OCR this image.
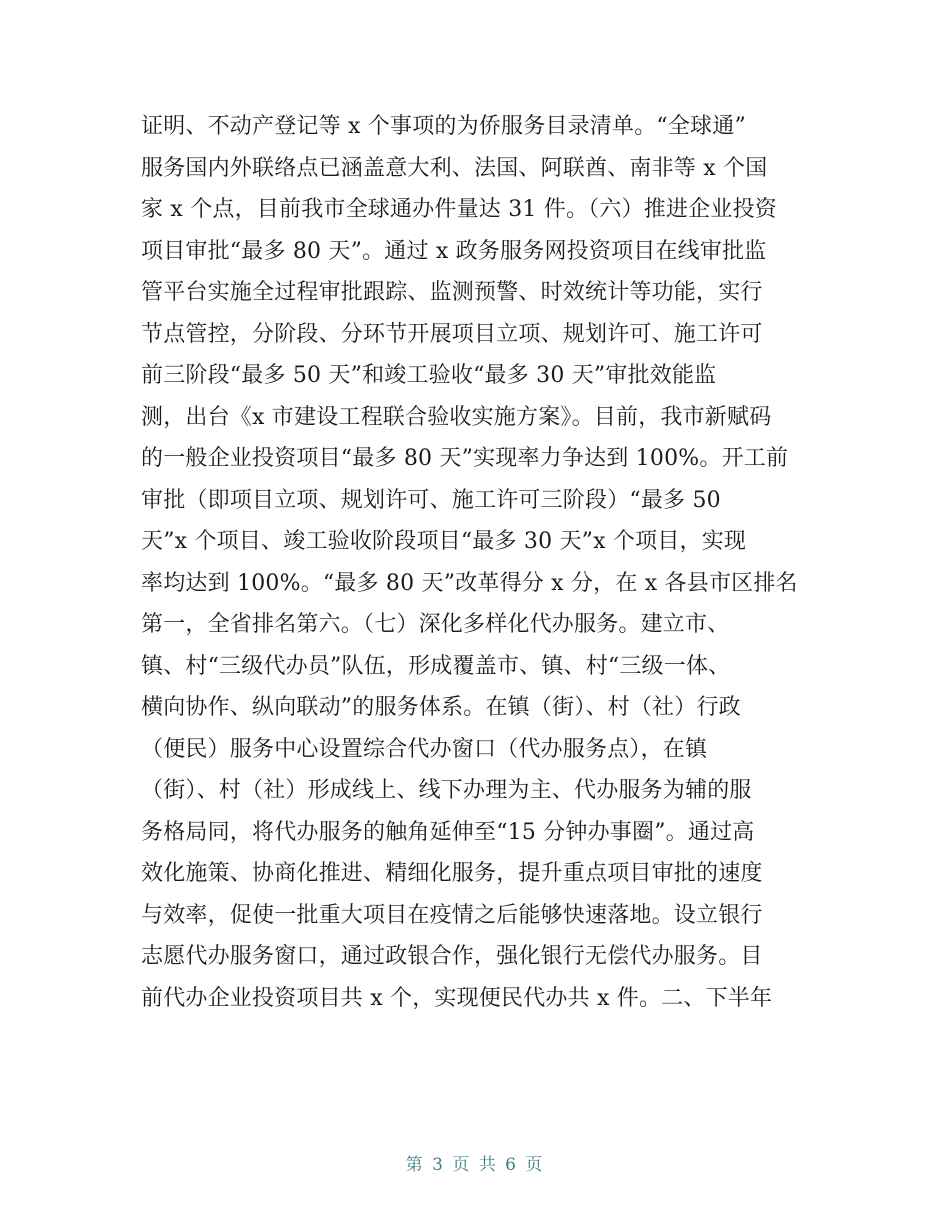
证明、不动产登记等 x 个事项的为侨服务目录清单。“全球通”
服务国内外联络点已涵盖意大利、法国、阿联酋、南非等 x 个国
家 x 个点，目前我市全球通办件量达 31 件。（六）推进企业投资
项目审批“最多 80 天”。通过 x 政务服务网投资项目在线审批监
管平台实施全过程审批跟踪、监测预警、时效统计等功能，实行
节点管控，分阶段、分环节开展项目立项、规划许可、施工许可
前三阶段“最多 50 天”和竣工验收“最多 30 天”审批效能监
测，出台《x 市建设工程联合验收实施方案》。目前，我市新赋码
的一般企业投资项目“最多 80 天”实现率力争达到 100%。开工前
审批（即项目立项、规划许可、施工许可三阶段）“最多 50
天”x 个项目、竣工验收阶段项目“最多 30 天”x 个项目，实现
率均达到 100%。“最多 80 天”改革得分 x 分，在 x 各县市区排名
第一，全省排名第六。（七）深化多样化代办服务。建立市、
镇、村“三级代办员”队伍，形成覆盖市、镇、村“三级一体、
横向协作、纵向联动”的服务体系。在镇（街）、村（社）行政
（便民）服务中心设置综合代办窗口（代办服务点），在镇
（街）、村（社）形成线上、线下办理为主、代办服务为辅的服
务格局同，将代办服务的触角延伸至“15 分钟办事圈”。通过高
效化施策、协商化推进、精细化服务，提升重点项目审批的速度
与效率，促使一批重大项目在疫情之后能够快速落地。设立银行
志愿代办服务窗口，通过政银合作，强化银行无偿代办服务。目
前代办企业投资项目共 x 个，实现便民代办共 x 件。二、下半年
第 3 页 共 6 页
